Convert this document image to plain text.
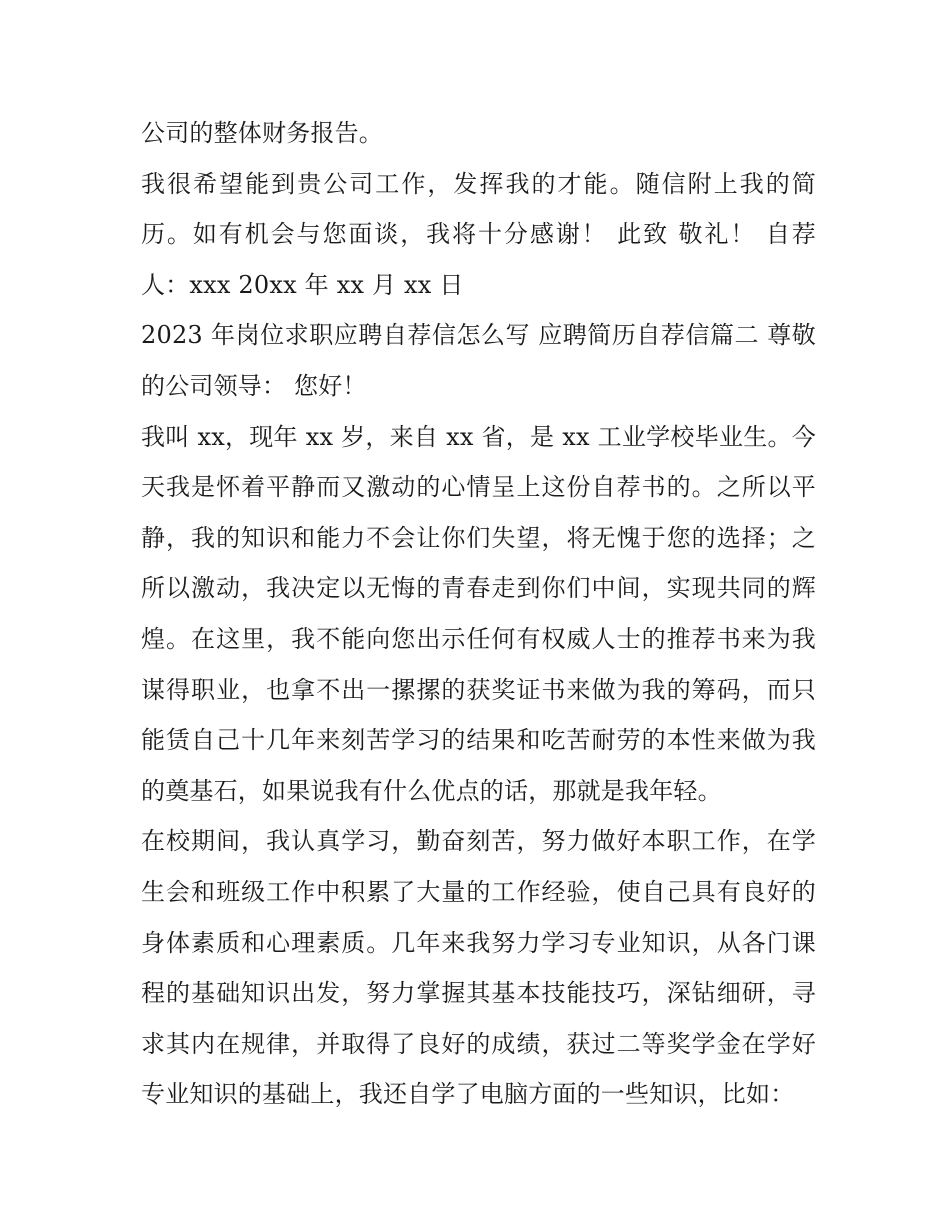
公司的整体财务报告。

我很希望能到贵公司工作，发挥我的才能。随信附上我的简历。如有机会与您面谈，我将十分感谢！ 此致 敬礼！ 自荐人：xxx 20xx 年 xx 月 xx 日

2023 年岗位求职应聘自荐信怎么写 应聘简历自荐信篇二 尊敬的公司领导： 您好！

我叫 xx，现年 xx 岁，来自 xx 省，是 xx 工业学校毕业生。今天我是怀着平静而又激动的心情呈上这份自荐书的。之所以平静，我的知识和能力不会让你们失望，将无愧于您的选择；之所以激动，我决定以无悔的青春走到你们中间，实现共同的辉煌。在这里，我不能向您出示任何有权威人士的推荐书来为我谋得职业，也拿不出一摞摞的获奖证书来做为我的筹码，而只能赁自己十几年来刻苦学习的结果和吃苦耐劳的本性来做为我的奠基石，如果说我有什么优点的话，那就是我年轻。

在校期间，我认真学习，勤奋刻苦，努力做好本职工作，在学生会和班级工作中积累了大量的工作经验，使自己具有良好的身体素质和心理素质。几年来我努力学习专业知识，从各门课程的基础知识出发，努力掌握其基本技能技巧，深钻细研，寻求其内在规律，并取得了良好的成绩，获过二等奖学金在学好专业知识的基础上，我还自学了电脑方面的一些知识，比如：
